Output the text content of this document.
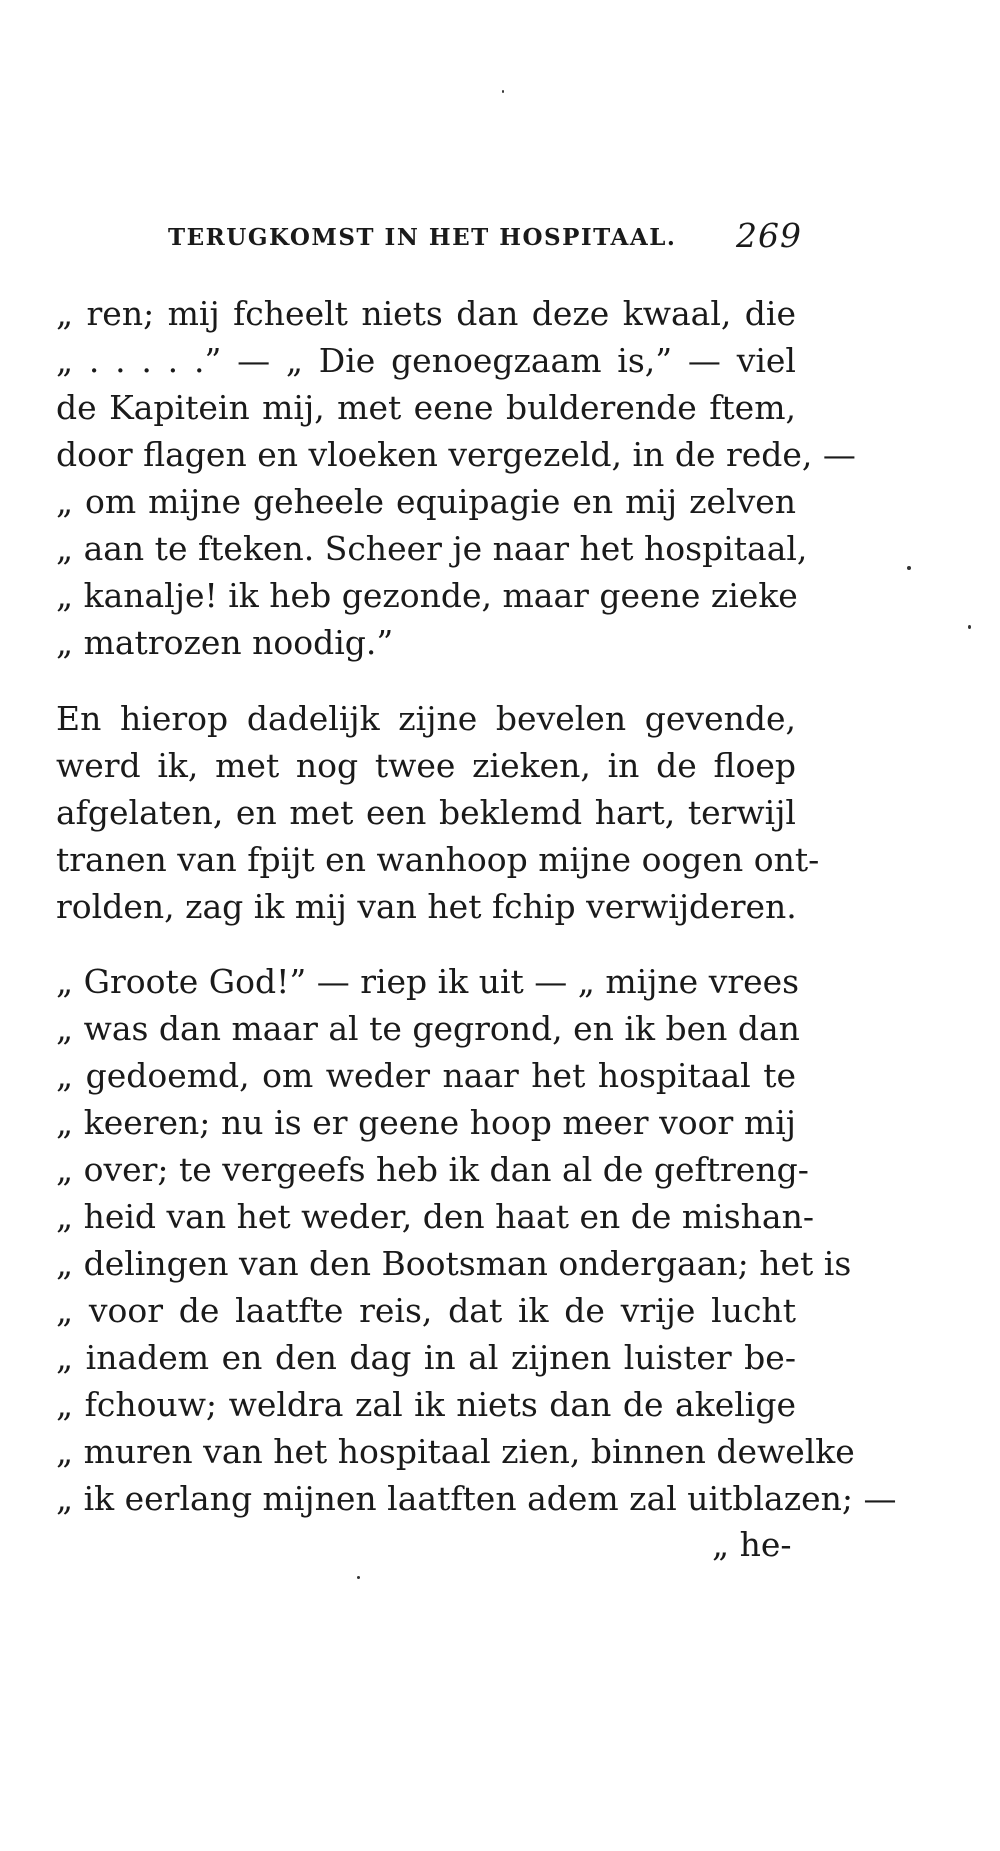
TERUGKOMST IN HET HOSPITAAL. 269
„ ren; mij fcheelt niets dan deze kwaal, die
„ . . . . .” — „ Die genoegzaam is,” — viel
de Kapitein mij, met eene bulderende ftem,
door flagen en vloeken vergezeld, in de rede, —
„ om mijne geheele equipagie en mij zelven
„ aan te fteken. Scheer je naar het hospitaal,
„ kanalje! ik heb gezonde, maar geene zieke
„ matrozen noodig.”
En hierop dadelijk zijne bevelen gevende,
werd ik, met nog twee zieken, in de floep
afgelaten, en met een beklemd hart, terwijl
tranen van fpijt en wanhoop mijne oogen ont-
rolden, zag ik mij van het fchip verwijderen.
„ Groote God!” — riep ik uit — „ mijne vrees
„ was dan maar al te gegrond, en ik ben dan
„ gedoemd, om weder naar het hospitaal te
„ keeren; nu is er geene hoop meer voor mij
„ over; te vergeefs heb ik dan al de geftreng-
„ heid van het weder, den haat en de mishan-
„ delingen van den Bootsman ondergaan; het is
„ voor de laatfte reis, dat ik de vrije lucht
„ inadem en den dag in al zijnen luister be-
„ fchouw; weldra zal ik niets dan de akelige
„ muren van het hospitaal zien, binnen dewelke
„ ik eerlang mijnen laatften adem zal uitblazen; —
„ he-
